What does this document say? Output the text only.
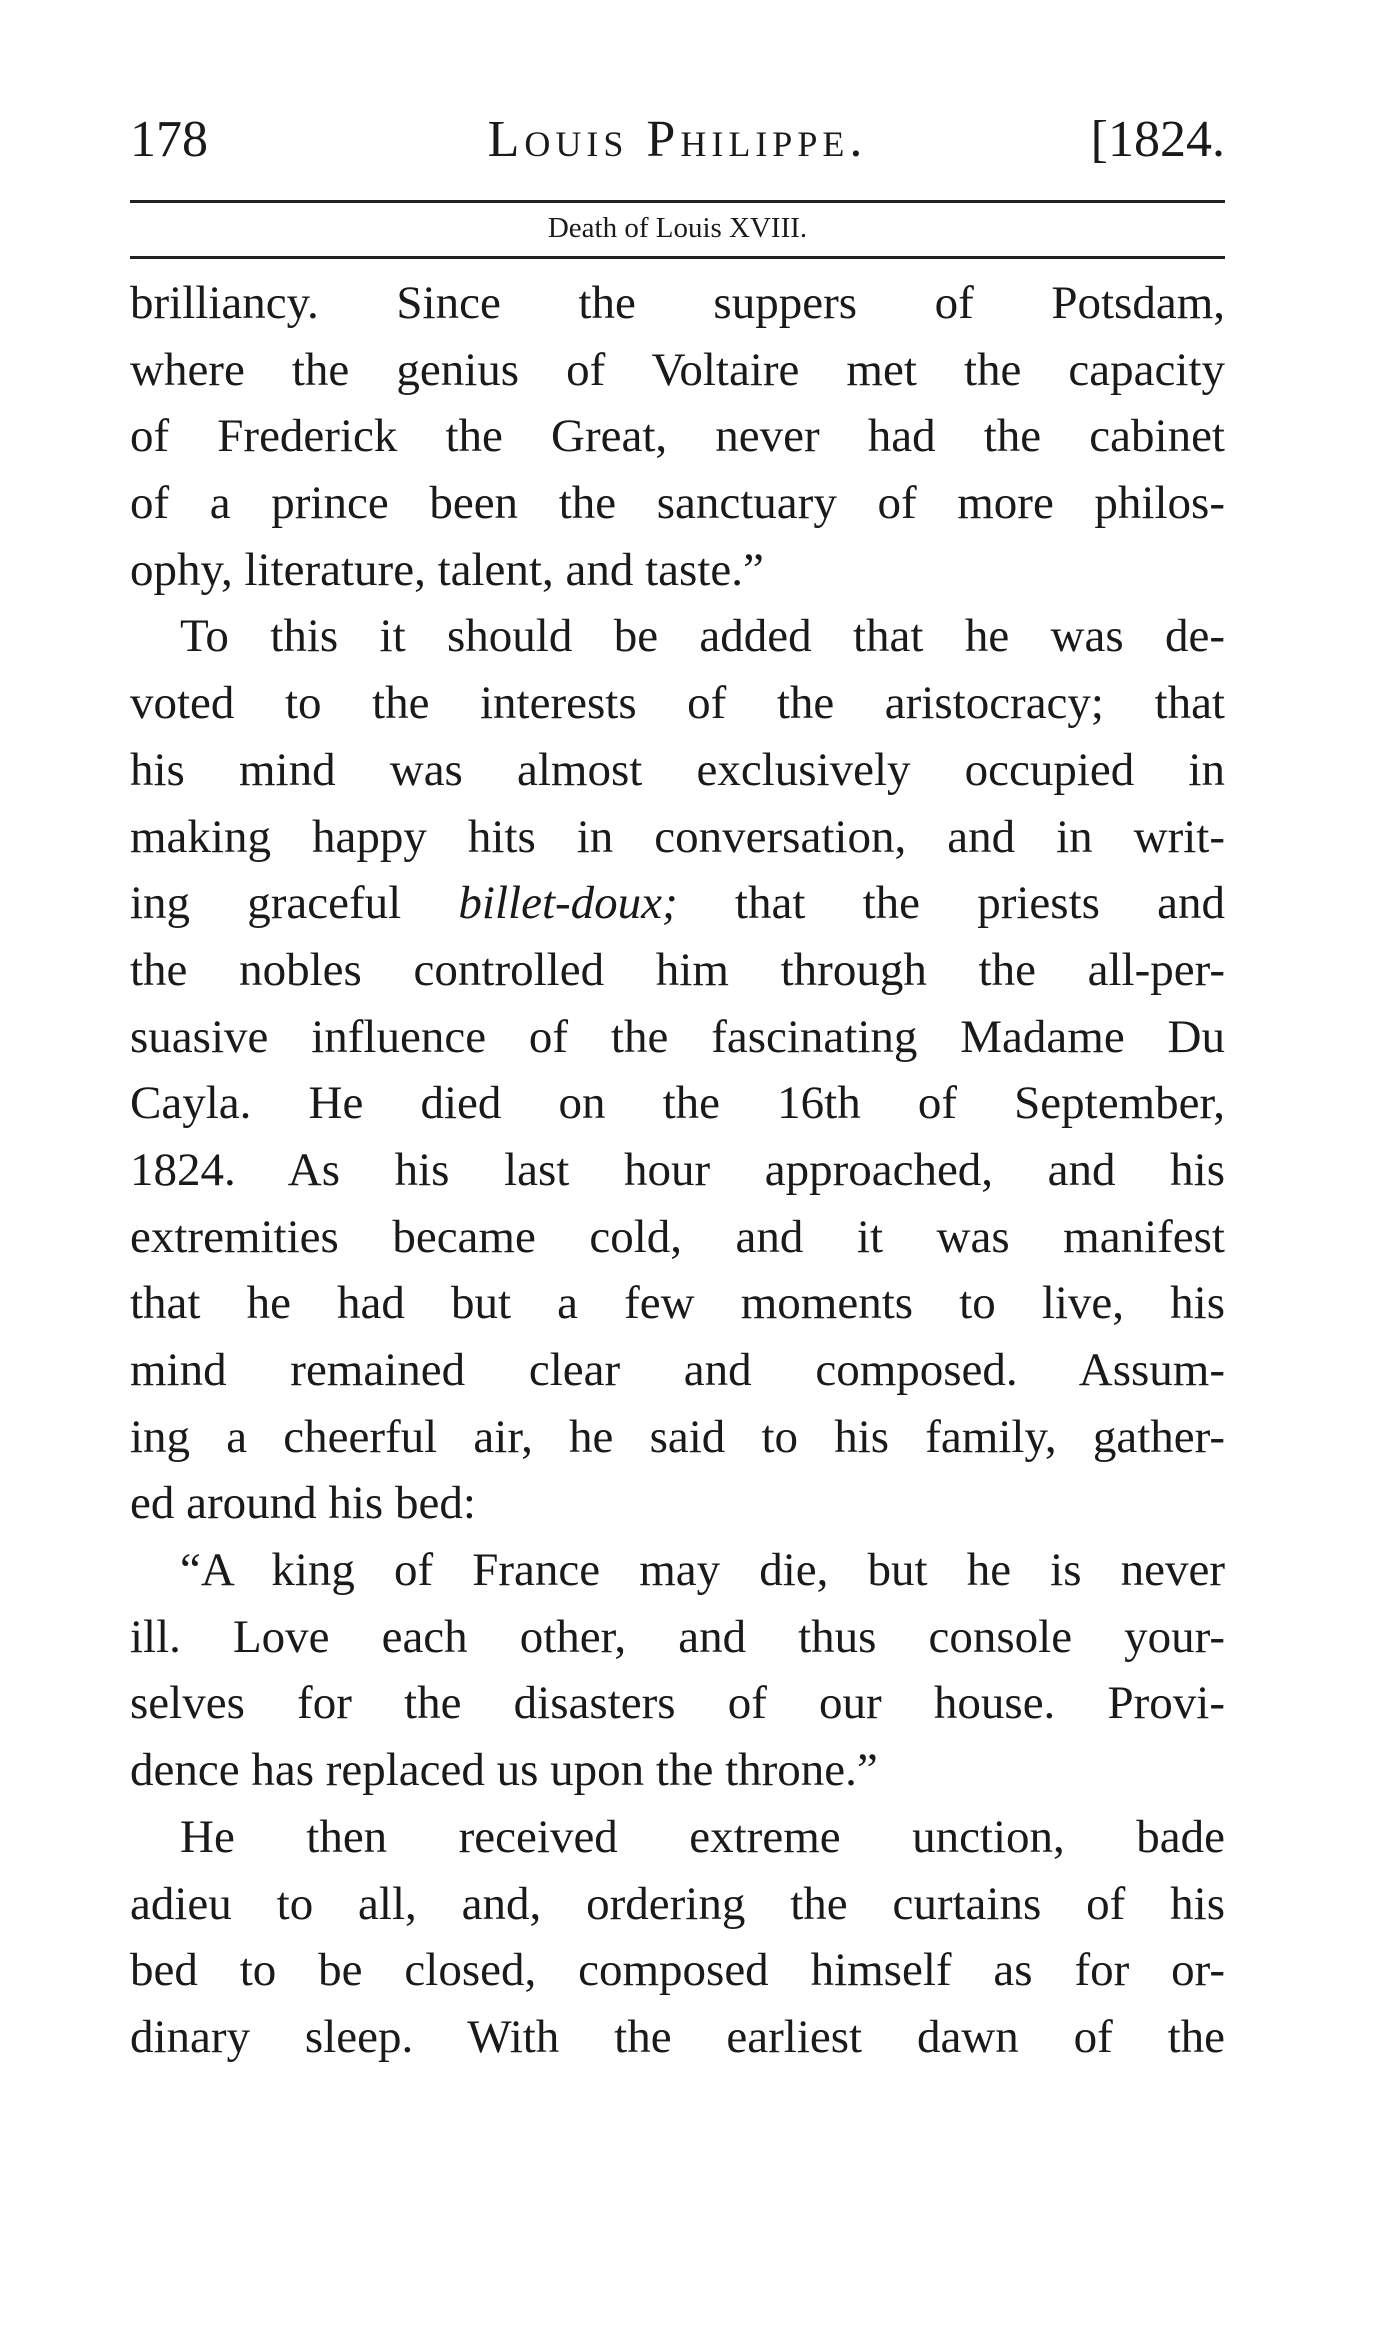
178	Louis Philippe.	[1824.
Death of Louis XVIII.
brilliancy. Since the suppers of Potsdam,
where the genius of Voltaire met the capacity
of Frederick the Great, never had the cabinet
of a prince been the sanctuary of more philos-
ophy, literature, talent, and taste.”
To this it should be added that he was de-
voted to the interests of the aristocracy; that
his mind was almost exclusively occupied in
making happy hits in conversation, and in writ-
ing graceful billet-doux; that the priests and
the nobles controlled him through the all-per-
suasive influence of the fascinating Madame Du
Cayla. He died on the 16th of September,
1824. As his last hour approached, and his
extremities became cold, and it was manifest
that he had but a few moments to live, his
mind remained clear and composed. Assum-
ing a cheerful air, he said to his family, gather-
ed around his bed:
“A king of France may die, but he is never
ill. Love each other, and thus console your-
selves for the disasters of our house. Provi-
dence has replaced us upon the throne.”
He then received extreme unction, bade
adieu to all, and, ordering the curtains of his
bed to be closed, composed himself as for or-
dinary sleep. With the earliest dawn of the
